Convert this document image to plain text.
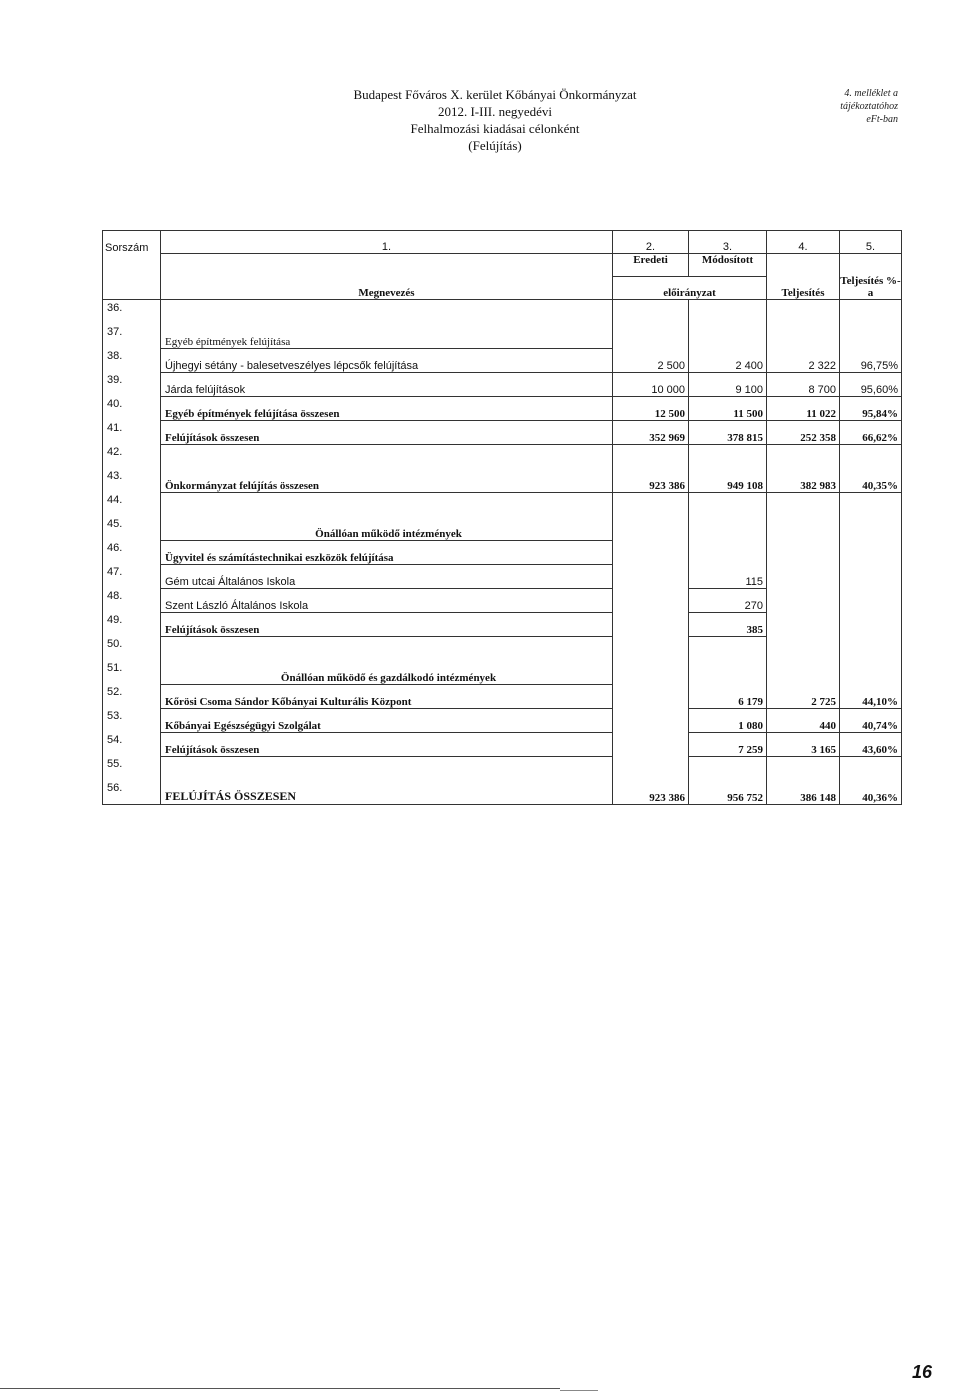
Budapest Főváros X. kerület Kőbányai Önkormányzat
2012. I-III. negyedévi
Felhalmozási kiadásai célonként
(Felújítás)
4. melléklet a
tájékoztatóhoz
eFt-ban
Sorszám	1.	2.	3.	4.	5.
	Megnevezés	Eredeti	Módosított	Teljesítés	Teljesítés %-a
		előirányzat			
36.					
37.	Egyéb építmények felújítása				
38.	Újhegyi sétány - balesetveszélyes lépcsők felújítása	2 500	2 400	2 322	96,75%
39.	Járda felújítások	10 000	9 100	8 700	95,60%
40.	Egyéb építmények felújítása összesen	12 500	11 500	11 022	95,84%
41.	Felújítások összesen	352 969	378 815	252 358	66,62%
42.					
43.	Önkormányzat felújítás összesen	923 386	949 108	382 983	40,35%
44.					
45.	Önállóan működő intézmények				
46.	Ügyvitel és számítástechnikai eszközök felújítása				
47.	Gém utcai Általános Iskola		115		
48.	Szent László Általános Iskola		270		
49.	Felújítások összesen		385		
50.					
51.	Önállóan működő és gazdálkodó intézmények				
52.	Kőrösi Csoma Sándor Kőbányai Kulturális Központ		6 179	2 725	44,10%
53.	Kőbányai Egészségügyi Szolgálat		1 080	440	40,74%
54.	Felújítások összesen		7 259	3 165	43,60%
55.					
56.	FELÚJÍTÁS ÖSSZESEN	923 386	956 752	386 148	40,36%
16
